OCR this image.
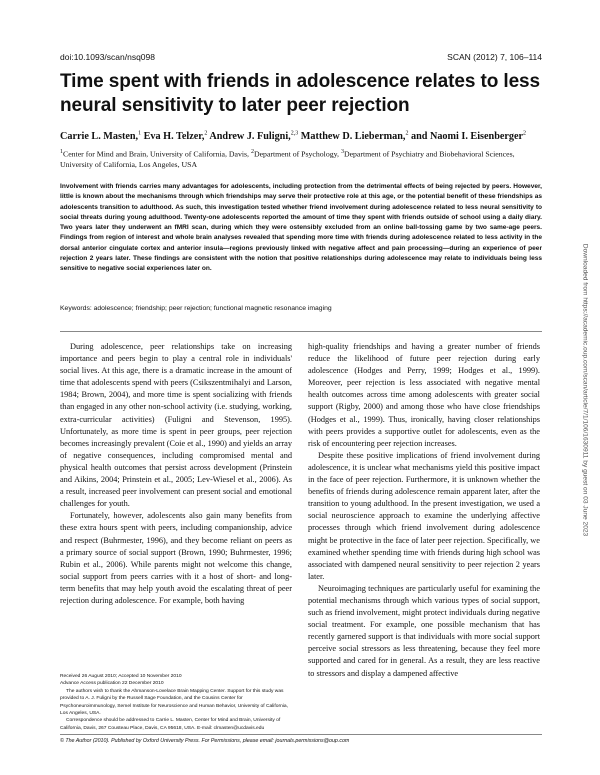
doi:10.1093/scan/nsq098	SCAN (2012) 7, 106–114
Time spent with friends in adolescence relates to less neural sensitivity to later peer rejection
Carrie L. Masten,$^1$ Eva H. Telzer,$^2$ Andrew J. Fuligni,$^{2,3}$ Matthew D. Lieberman,$^2$ and Naomi I. Eisenberger$^2$
$^1$Center for Mind and Brain, University of California, Davis, $^2$Department of Psychology, $^3$Department of Psychiatry and Biobehavioral Sciences, University of California, Los Angeles, USA

Involvement with friends carries many advantages for adolescents, including protection from the detrimental effects of being rejected by peers. However, little is known about the mechanisms through which friendships may serve their protective role at this age, or the potential benefit of these friendships as adolescents transition to adulthood. As such, this investigation tested whether friend involvement during adolescence related to less neural sensitivity to social threats during young adulthood. Twenty-one adolescents reported the amount of time they spent with friends outside of school using a daily diary. Two years later they underwent an fMRI scan, during which they were ostensibly excluded from an online ball-tossing game by two same-age peers. Findings from region of interest and whole brain analyses revealed that spending more time with friends during adolescence related to less activity in the dorsal anterior cingulate cortex and anterior insula—regions previously linked with negative affect and pain processing—during an experience of peer rejection 2 years later. These findings are consistent with the notion that positive relationships during adolescence may relate to individuals being less sensitive to negative social experiences later on.

Keywords: adolescence; friendship; peer rejection; functional magnetic resonance imaging

During adolescence, peer relationships take on increasing importance and peers begin to play a central role in individuals' social lives. At this age, there is a dramatic increase in the amount of time that adolescents spend with peers (Csikszentmihalyi and Larson, 1984; Brown, 2004), and more time is spent socializing with friends than engaged in any other non-school activity (i.e. studying, working, extra-curricular activities) (Fuligni and Stevenson, 1995). Unfortunately, as more time is spent in peer groups, peer rejection becomes increasingly prevalent (Coie et al., 1990) and yields an array of negative consequences, including compromised mental and physical health outcomes that persist across development (Prinstein and Aikins, 2004; Prinstein et al., 2005; Lev-Wiesel et al., 2006). As a result, increased peer involvement can present social and emotional challenges for youth.

Fortunately, however, adolescents also gain many benefits from these extra hours spent with peers, including companionship, advice and respect (Buhrmester, 1996), and they become reliant on peers as a primary source of social support (Brown, 1990; Buhrmester, 1996; Rubin et al., 2006). While parents might not welcome this change, social support from peers carries with it a host of short- and long-term benefits that may help youth avoid the escalating threat of peer rejection during adolescence. For example, both having

high-quality friendships and having a greater number of friends reduce the likelihood of future peer rejection during early adolescence (Hodges and Perry, 1999; Hodges et al., 1999). Moreover, peer rejection is less associated with negative mental health outcomes across time among adolescents with greater social support (Rigby, 2000) and among those who have close friendships (Hodges et al., 1999). Thus, ironically, having closer relationships with peers provides a supportive outlet for adolescents, even as the risk of encountering peer rejection increases.

Despite these positive implications of friend involvement during adolescence, it is unclear what mechanisms yield this positive impact in the face of peer rejection. Furthermore, it is unknown whether the benefits of friends during adolescence remain apparent later, after the transition to young adulthood. In the present investigation, we used a social neuroscience approach to examine the underlying affective processes through which friend involvement during adolescence might be protective in the face of later peer rejection. Specifically, we examined whether spending time with friends during high school was associated with dampened neural sensitivity to peer rejection 2 years later.

Neuroimaging techniques are particularly useful for examining the potential mechanisms through which various types of social support, such as friend involvement, might protect individuals during negative social treatment. For example, one possible mechanism that has recently garnered support is that individuals with more social support perceive social stressors as less threatening, because they feel more supported and cared for in general. As a result, they are less reactive to stressors and display a dampened affective

Received 26 August 2010; Accepted 10 November 2010
Advance Access publication 22 December 2010
The authors wish to thank the Ahmanson-Lovelace Brain Mapping Center. Support for this study was provided to A. J. Fuligni by the Russell Sage Foundation, and the Cousins Center for Psychoneuroimmunology, Semel Institute for Neuroscience and Human Behavior, University of California, Los Angeles, USA.
Correspondence should be addressed to Carrie L. Masten, Center for Mind and Brain, University of California, Davis, 267 Cousteau Place, Davis, CA 95618, USA. E-mail: clmasten@ucdavis.edu
© The Author (2010). Published by Oxford University Press. For Permissions, please email: journals.permissions@oup.com
Downloaded from https://academic.oup.com/scan/article/7/1/106/1630911 by guest on 03 June 2023
